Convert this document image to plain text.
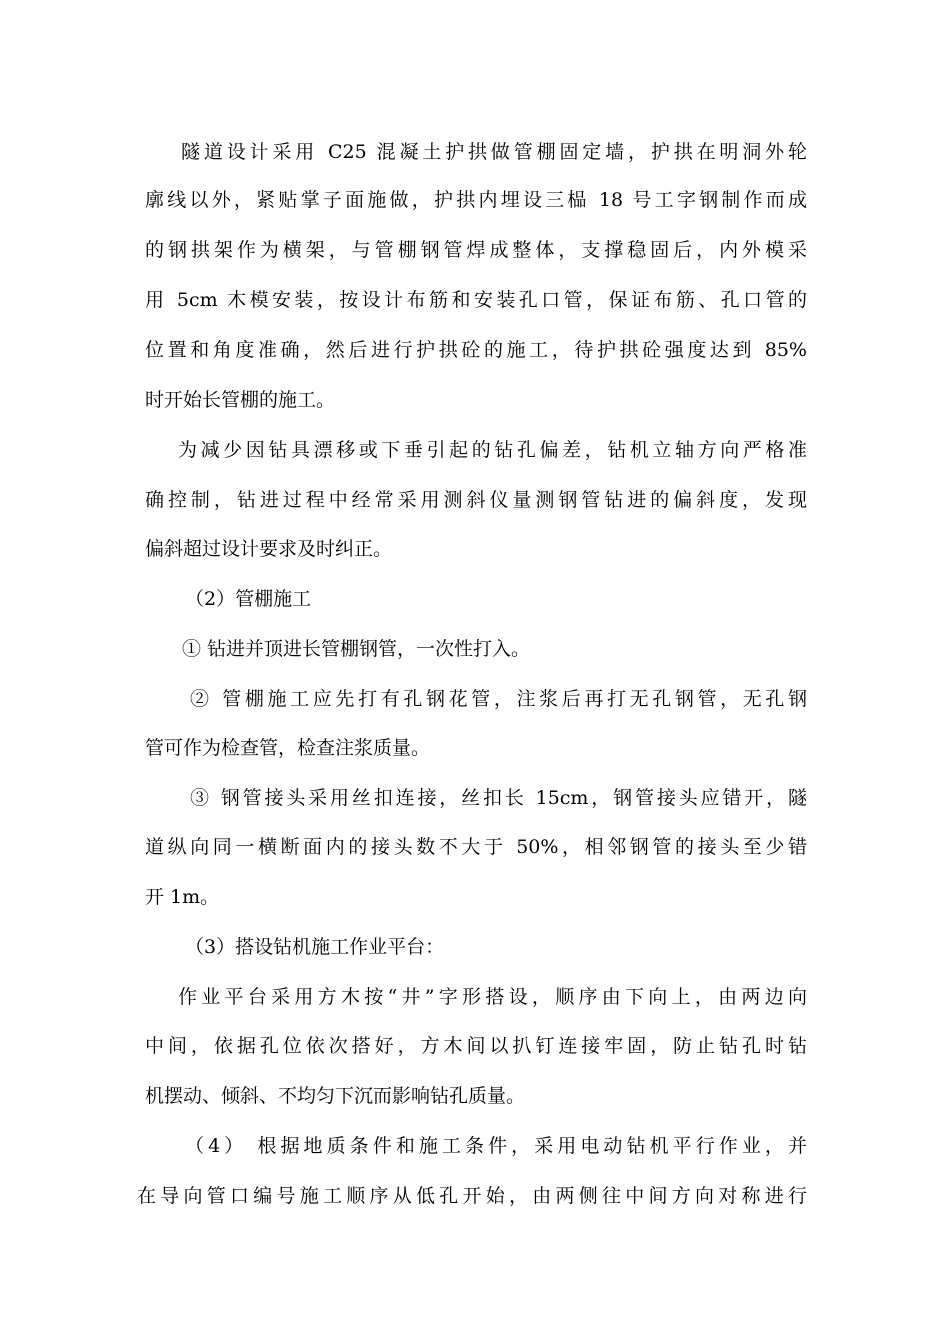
隧道设计采用 C25 混凝土护拱做管棚固定墙，护拱在明洞外轮
廓线以外，紧贴掌子面施做，护拱内埋设三榀 18 号工字钢制作而成
的钢拱架作为横架，与管棚钢管焊成整体，支撑稳固后，内外模采
用 5cm 木模安装，按设计布筋和安装孔口管，保证布筋、孔口管的
位置和角度准确，然后进行护拱砼的施工，待护拱砼强度达到 85%
时开始长管棚的施工。
为减少因钻具漂移或下垂引起的钻孔偏差，钻机立轴方向严格准
确控制，钻进过程中经常采用测斜仪量测钢管钻进的偏斜度，发现
偏斜超过设计要求及时纠正。
（2）管棚施工
① 钻进并顶进长管棚钢管，一次性打入。
② 管棚施工应先打有孔钢花管，注浆后再打无孔钢管，无孔钢
管可作为检查管，检查注浆质量。
③ 钢管接头采用丝扣连接，丝扣长 15cm，钢管接头应错开，隧
道纵向同一横断面内的接头数不大于 50%，相邻钢管的接头至少错
开 1m。
（3）搭设钻机施工作业平台：
作业平台采用方木按“井”字形搭设，顺序由下向上，由两边向
中间，依据孔位依次搭好，方木间以扒钉连接牢固，防止钻孔时钻
机摆动、倾斜、不均匀下沉而影响钻孔质量。
（4） 根据地质条件和施工条件，采用电动钻机平行作业，并
在导向管口编号施工顺序从低孔开始，由两侧往中间方向对称进行
